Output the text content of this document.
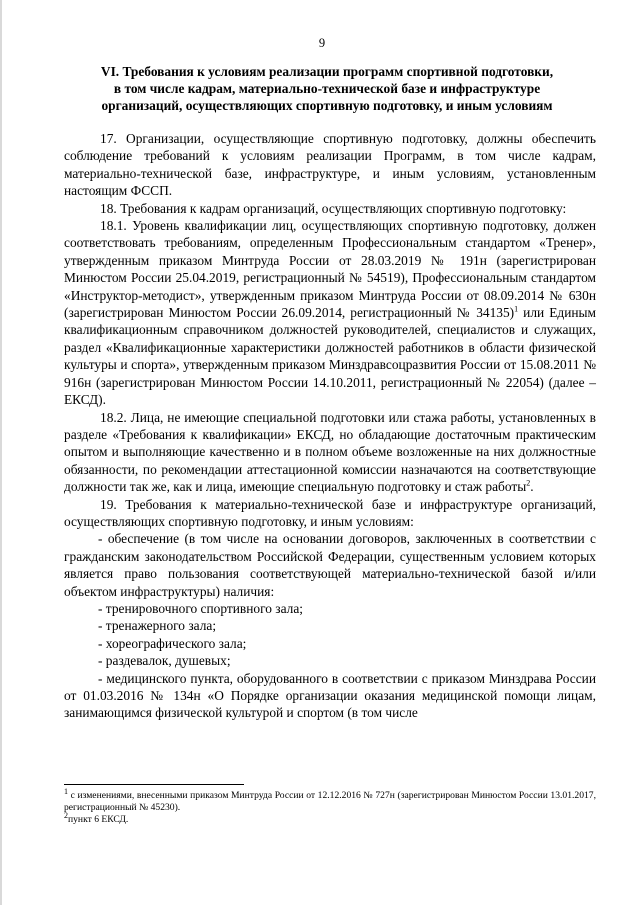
9
VI. Требования к условиям реализации программ спортивной подготовки,
в том числе кадрам, материально-технической базе и инфраструктуре
организаций, осуществляющих спортивную подготовку, и иным условиям

17. Организации, осуществляющие спортивную подготовку, должны обеспечить соблюдение требований к условиям реализации Программ, в том числе кадрам, материально-технической базе, инфраструктуре, и иным условиям, установленным настоящим ФССП.

18. Требования к кадрам организаций, осуществляющих спортивную подготовку:

18.1. Уровень квалификации лиц, осуществляющих спортивную подготовку, должен соответствовать требованиям, определенным Профессиональным стандартом «Тренер», утвержденным приказом Минтруда России от 28.03.2019 № 191н (зарегистрирован Минюстом России 25.04.2019, регистрационный № 54519), Профессиональным стандартом «Инструктор-методист», утвержденным приказом Минтруда России от 08.09.2014 № 630н (зарегистрирован Минюстом России 26.09.2014, регистрационный № 34135)$^1$ или Единым квалификационным справочником должностей руководителей, специалистов и служащих, раздел «Квалификационные характеристики должностей работников в области физической культуры и спорта», утвержденным приказом Минздравсоцразвития России от 15.08.2011 № 916н (зарегистрирован Минюстом России 14.10.2011, регистрационный № 22054) (далее – ЕКСД).

18.2. Лица, не имеющие специальной подготовки или стажа работы, установленных в разделе «Требования к квалификации» ЕКСД, но обладающие достаточным практическим опытом и выполняющие качественно и в полном объеме возложенные на них должностные обязанности, по рекомендации аттестационной комиссии назначаются на соответствующие должности так же, как и лица, имеющие специальную подготовку и стаж работы$^2$.

19. Требования к материально-технической базе и инфраструктуре организаций, осуществляющих спортивную подготовку, и иным условиям:

- обеспечение (в том числе на основании договоров, заключенных в соответствии с гражданским законодательством Российской Федерации, существенным условием которых является право пользования соответствующей материально-технической базой и/или объектом инфраструктуры) наличия:

- тренировочного спортивного зала;

- тренажерного зала;

- хореографического зала;

- раздевалок, душевых;

- медицинского пункта, оборудованного в соответствии с приказом Минздрава России от 01.03.2016 № 134н «О Порядке организации оказания медицинской помощи лицам, занимающимся физической культурой и спортом (в том числе

$^1$ с изменениями, внесенными приказом Минтруда России от 12.12.2016 № 727н (зарегистрирован Минюстом России 13.01.2017, регистрационный № 45230).

$^2$пункт 6 ЕКСД.
